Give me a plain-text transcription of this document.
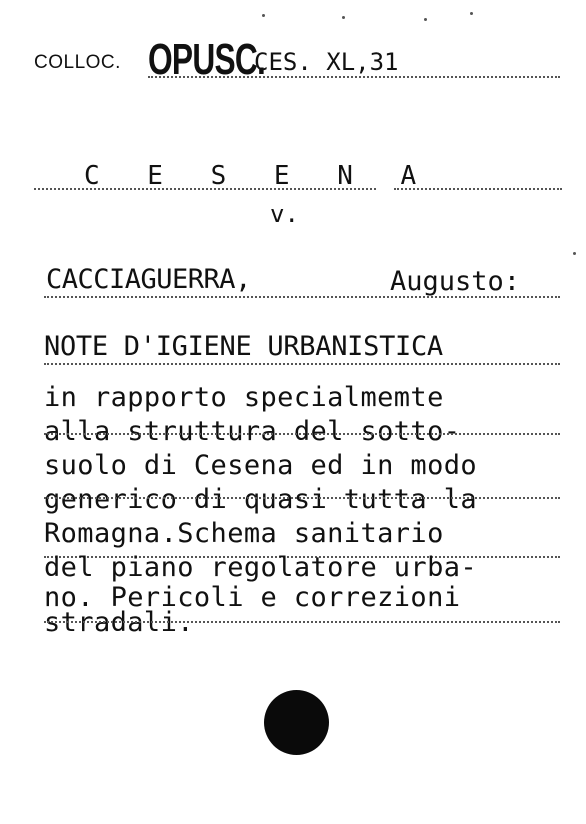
COLLOC. OPUSC.
CES. XL,31
C E S E N A
v.
CACCIAGUERRA,	Augusto:
NOTE D'IGIENE URBANISTICA
in rapporto specialmemte
alla struttura del sotto-
suolo di Cesena ed in modo
generico di quasi tutta la
Romagna.Schema sanitario
del piano regolatore urba-
no. Pericoli e correzioni
stradali.
